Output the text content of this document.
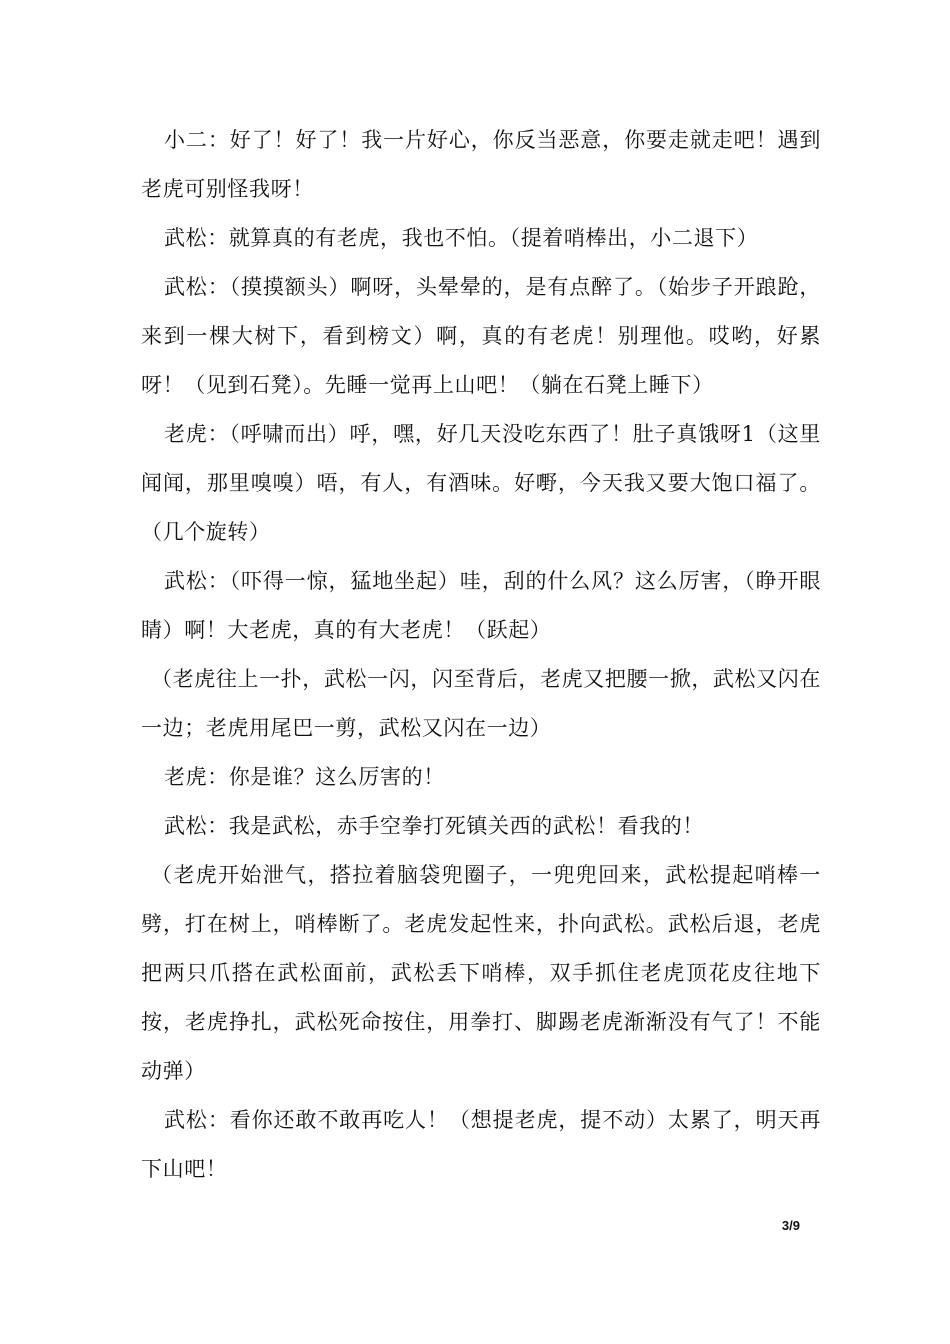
小二：好了！好了！我一片好心，你反当恶意，你要走就走吧！遇到老虎可别怪我呀！

武松：就算真的有老虎，我也不怕。（提着哨棒出，小二退下）

武松：（摸摸额头）啊呀，头晕晕的，是有点醉了。（始步子开踉跄，来到一棵大树下，看到榜文）啊，真的有老虎！别理他。哎哟，好累呀！（见到石凳）。先睡一觉再上山吧！（躺在石凳上睡下）

老虎：（呼啸而出）呼，嘿，好几天没吃东西了！肚子真饿呀1（这里闻闻，那里嗅嗅）唔，有人，有酒味。好嘢，今天我又要大饱口福了。（几个旋转）

武松：（吓得一惊，猛地坐起）哇，刮的什么风？这么厉害，（睁开眼睛）啊！大老虎，真的有大老虎！（跃起）

（老虎往上一扑，武松一闪，闪至背后，老虎又把腰一掀，武松又闪在一边；老虎用尾巴一剪，武松又闪在一边）

老虎：你是谁？这么厉害的！

武松：我是武松，赤手空拳打死镇关西的武松！看我的！

（老虎开始泄气，搭拉着脑袋兜圈子，一兜兜回来，武松提起哨棒一劈，打在树上，哨棒断了。老虎发起性来，扑向武松。武松后退，老虎把两只爪搭在武松面前，武松丢下哨棒，双手抓住老虎顶花皮往地下按，老虎挣扎，武松死命按住，用拳打、脚踢老虎渐渐没有气了！不能动弹）

武松：看你还敢不敢再吃人！（想提老虎，提不动）太累了，明天再下山吧！

3/9
